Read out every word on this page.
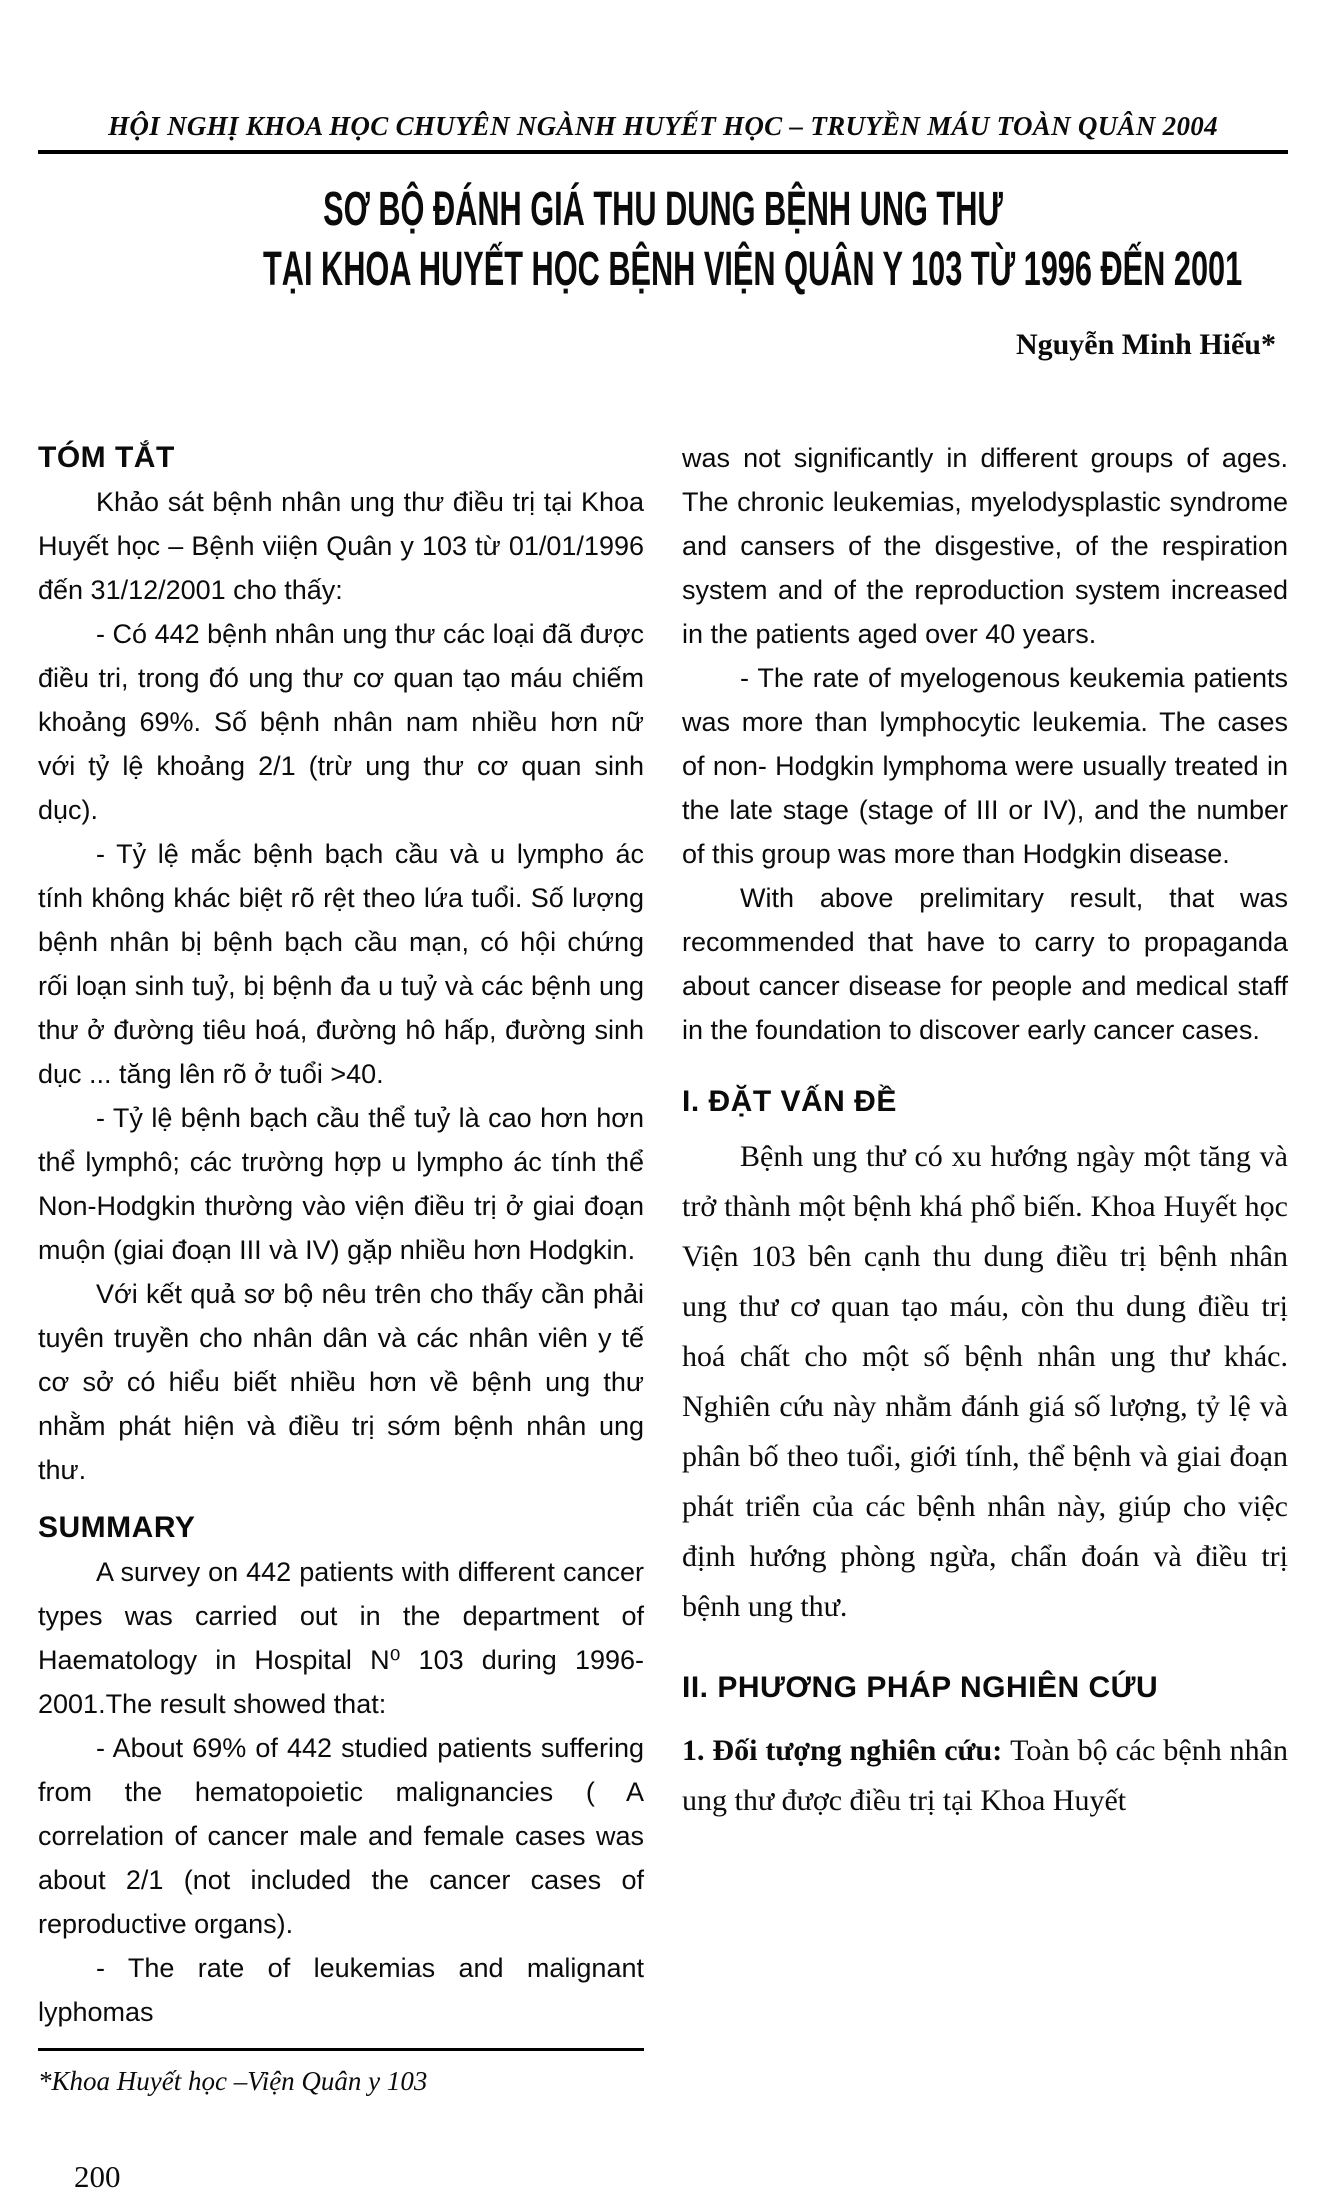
HỘI NGHỊ KHOA HỌC CHUYÊN NGÀNH HUYẾT HỌC – TRUYỀN MÁU TOÀN QUÂN 2004
SƠ BỘ ĐÁNH GIÁ THU DUNG BỆNH UNG THƯ
TẠI KHOA HUYẾT HỌC BỆNH VIỆN QUÂN Y 103 TỪ 1996 ĐẾN 2001
Nguyễn Minh Hiếu*
TÓM TẮT

Khảo sát bệnh nhân ung thư điều trị tại Khoa Huyết học – Bệnh viiện Quân y 103 từ 01/01/1996 đến 31/12/2001 cho thấy:

- Có 442 bệnh nhân ung thư các loại đã được điều tri, trong đó ung thư cơ quan tạo máu chiếm khoảng 69%. Số bệnh nhân nam nhiều hơn nữ với tỷ lệ khoảng 2/1 (trừ ung thư cơ quan sinh dục).

- Tỷ lệ mắc bệnh bạch cầu và u lympho ác tính không khác biệt rõ rệt theo lứa tuổi. Số lượng bệnh nhân bị bệnh bạch cầu mạn, có hội chứng rối loạn sinh tuỷ, bị bệnh đa u tuỷ và các bệnh ung thư ở đường tiêu hoá, đường hô hấp, đường sinh dục ... tăng lên rõ ở tuổi >40.

- Tỷ lệ bệnh bạch cầu thể tuỷ là cao hơn hơn thể lymphô; các trường hợp u lympho ác tính thể Non-Hodgkin thường vào viện điều trị ở giai đoạn muộn (giai đoạn III và IV) gặp nhiều hơn Hodgkin.

Với kết quả sơ bộ nêu trên cho thấy cần phải tuyên truyền cho nhân dân và các nhân viên y tế cơ sở có hiểu biết nhiều hơn về bệnh ung thư nhằm phát hiện và điều trị sớm bệnh nhân ung thư.

SUMMARY

A survey on 442 patients with different cancer types was carried out in the department of Haematology in Hospital N⁰ 103 during 1996-2001.The result showed that:

- About 69% of 442 studied patients suffering from the hematopoietic malignancies ( A correlation of cancer male and female cases was about 2/1 (not included the cancer cases of reproductive organs).

- The rate of leukemias and malignant lyphomas

*Khoa Huyết học –Viện Quân y 103

was not significantly in different groups of ages. The chronic leukemias, myelodysplastic syndrome and cansers of the disgestive, of the respiration system and of the reproduction system increased in the patients aged over 40 years.

- The rate of myelogenous keukemia patients was more than lymphocytic leukemia. The cases of non- Hodgkin lymphoma were usually treated in the late stage (stage of III or IV), and the number of this group was more than Hodgkin disease.

With above prelimitary result, that was recommended that have to carry to propaganda about cancer disease for people and medical staff in the foundation to discover early cancer cases.

I. ĐẶT VẤN ĐỀ

Bệnh ung thư có xu hướng ngày một tăng và trở thành một bệnh khá phổ biến. Khoa Huyết học Viện 103 bên cạnh thu dung điều trị bệnh nhân ung thư cơ quan tạo máu, còn thu dung điều trị hoá chất cho một số bệnh nhân ung thư khác. Nghiên cứu này nhằm đánh giá số lượng, tỷ lệ và phân bố theo tuổi, giới tính, thể bệnh và giai đoạn phát triển của các bệnh nhân này, giúp cho việc định hướng phòng ngừa, chẩn đoán và điều trị bệnh ung thư.

II. PHƯƠNG PHÁP NGHIÊN CỨU

1. Đối tượng nghiên cứu: Toàn bộ các bệnh nhân ung thư được điều trị tại Khoa Huyết

200
